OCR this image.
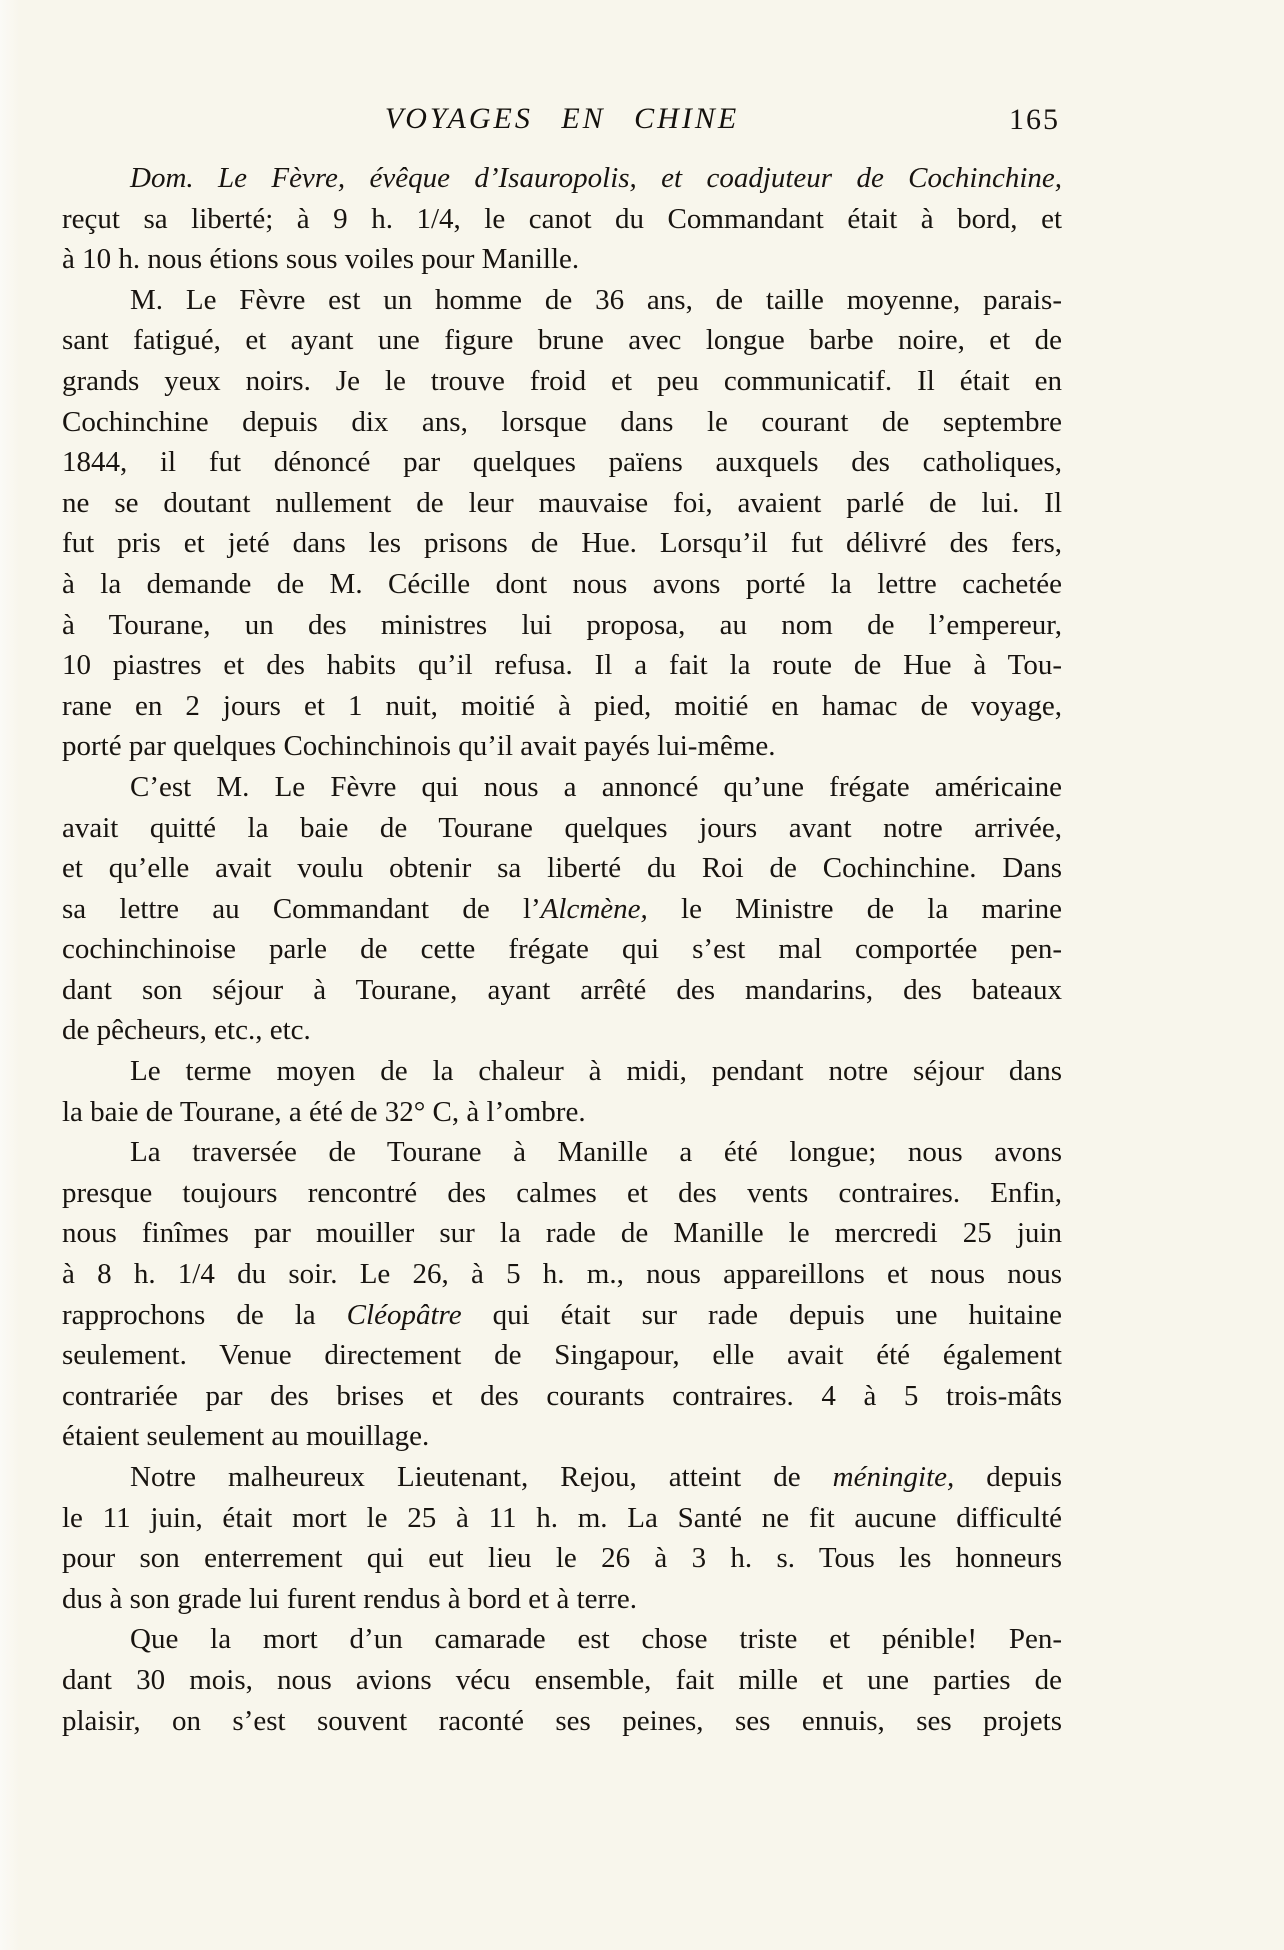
VOYAGES EN CHINE	165
Dom. Le Fèvre, évêque d’Isauropolis, et coadjuteur de Cochinchine,
reçut sa liberté; à 9 h. 1/4, le canot du Commandant était à bord, et
à 10 h. nous étions sous voiles pour Manille.
M. Le Fèvre est un homme de 36 ans, de taille moyenne, parais-
sant fatigué, et ayant une figure brune avec longue barbe noire, et de
grands yeux noirs. Je le trouve froid et peu communicatif. Il était en
Cochinchine depuis dix ans, lorsque dans le courant de septembre
1844, il fut dénoncé par quelques païens auxquels des catholiques,
ne se doutant nullement de leur mauvaise foi, avaient parlé de lui. Il
fut pris et jeté dans les prisons de Hue. Lorsqu’il fut délivré des fers,
à la demande de M. Cécille dont nous avons porté la lettre cachetée
à Tourane, un des ministres lui proposa, au nom de l’empereur,
10 piastres et des habits qu’il refusa. Il a fait la route de Hue à Tou-
rane en 2 jours et 1 nuit, moitié à pied, moitié en hamac de voyage,
porté par quelques Cochinchinois qu’il avait payés lui-même.
C’est M. Le Fèvre qui nous a annoncé qu’une frégate américaine
avait quitté la baie de Tourane quelques jours avant notre arrivée,
et qu’elle avait voulu obtenir sa liberté du Roi de Cochinchine. Dans
sa lettre au Commandant de l’Alcmène, le Ministre de la marine
cochinchinoise parle de cette frégate qui s’est mal comportée pen-
dant son séjour à Tourane, ayant arrêté des mandarins, des bateaux
de pêcheurs, etc., etc.
Le terme moyen de la chaleur à midi, pendant notre séjour dans
la baie de Tourane, a été de 32° C, à l’ombre.
La traversée de Tourane à Manille a été longue; nous avons
presque toujours rencontré des calmes et des vents contraires. Enfin,
nous finîmes par mouiller sur la rade de Manille le mercredi 25 juin
à 8 h. 1/4 du soir. Le 26, à 5 h. m., nous appareillons et nous nous
rapprochons de la Cléopâtre qui était sur rade depuis une huitaine
seulement. Venue directement de Singapour, elle avait été également
contrariée par des brises et des courants contraires. 4 à 5 trois-mâts
étaient seulement au mouillage.
Notre malheureux Lieutenant, Rejou, atteint de méningite, depuis
le 11 juin, était mort le 25 à 11 h. m. La Santé ne fit aucune difficulté
pour son enterrement qui eut lieu le 26 à 3 h. s. Tous les honneurs
dus à son grade lui furent rendus à bord et à terre.
Que la mort d’un camarade est chose triste et pénible! Pen-
dant 30 mois, nous avions vécu ensemble, fait mille et une parties de
plaisir, on s’est souvent raconté ses peines, ses ennuis, ses projets
